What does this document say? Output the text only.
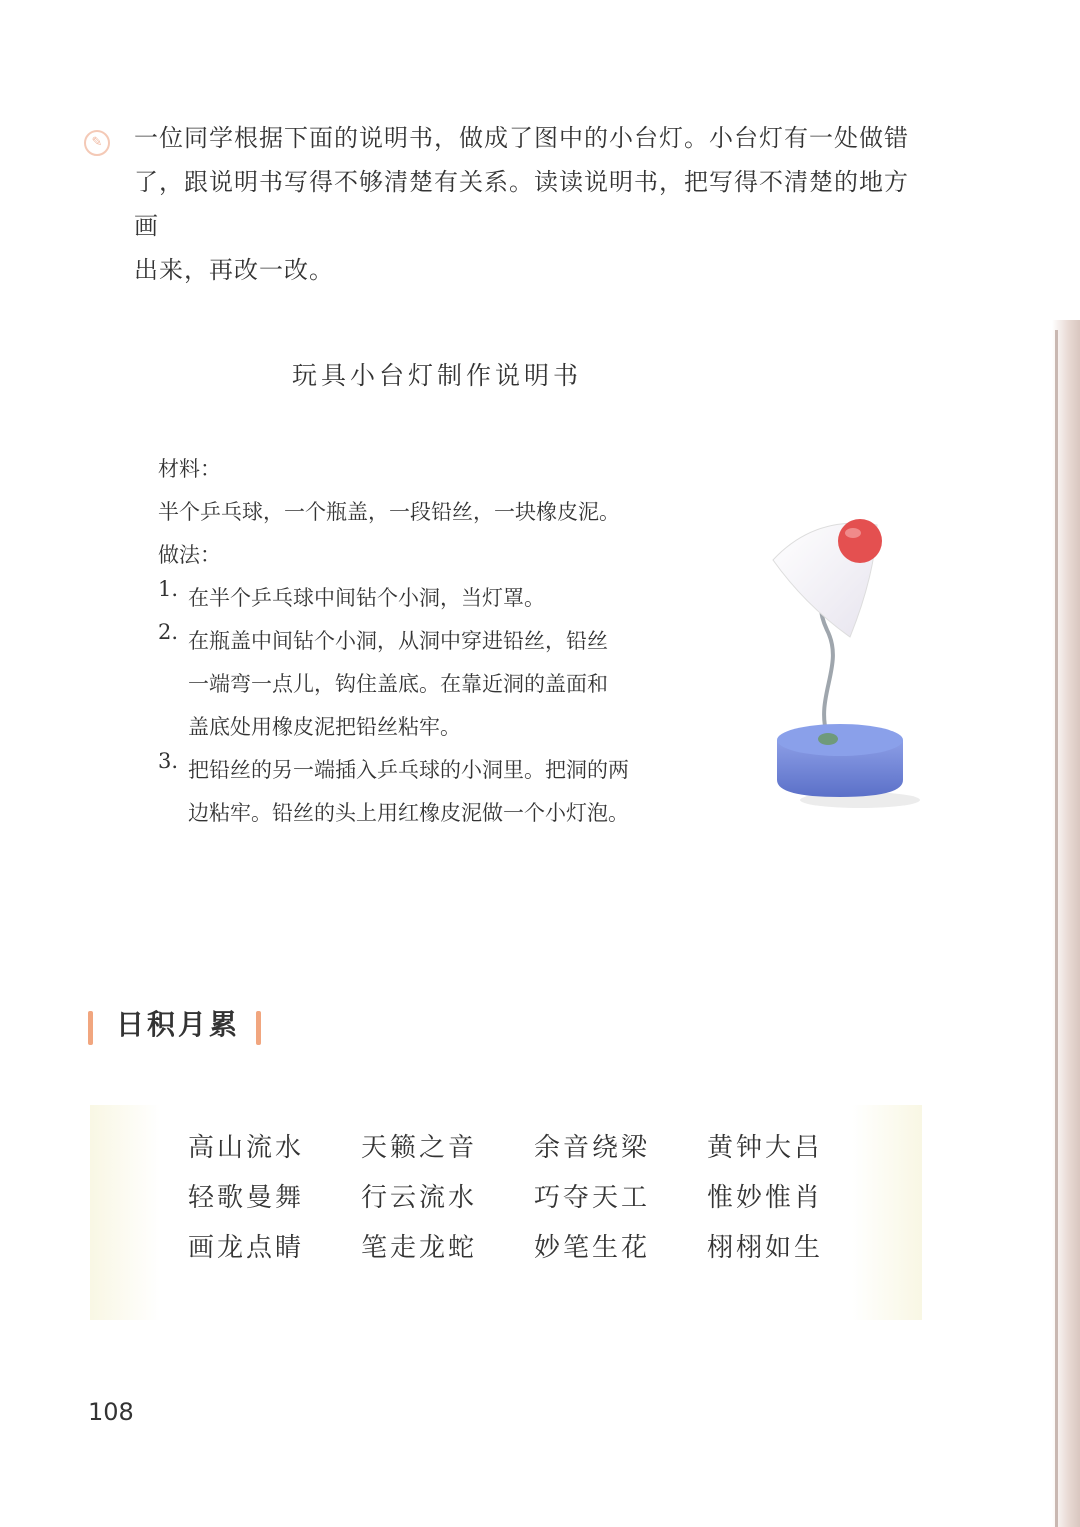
✎	一位同学根据下面的说明书，做成了图中的小台灯。小台灯有一处做错
了，跟说明书写得不够清楚有关系。读读说明书，把写得不清楚的地方画
出来，再改一改。
玩具小台灯制作说明书
材料：
半个乒乓球，一个瓶盖，一段铅丝，一块橡皮泥。
做法：
1. 在半个乒乓球中间钻个小洞，当灯罩。
2. 在瓶盖中间钻个小洞，从洞中穿进铅丝，铅丝
一端弯一点儿，钩住盖底。在靠近洞的盖面和
盖底处用橡皮泥把铅丝粘牢。
3. 把铅丝的另一端插入乒乓球的小洞里。把洞的两
边粘牢。铅丝的头上用红橡皮泥做一个小灯泡。
日积月累
高山流水	天籁之音	余音绕梁	黄钟大吕
轻歌曼舞	行云流水	巧夺天工	惟妙惟肖
画龙点睛	笔走龙蛇	妙笔生花	栩栩如生
108
